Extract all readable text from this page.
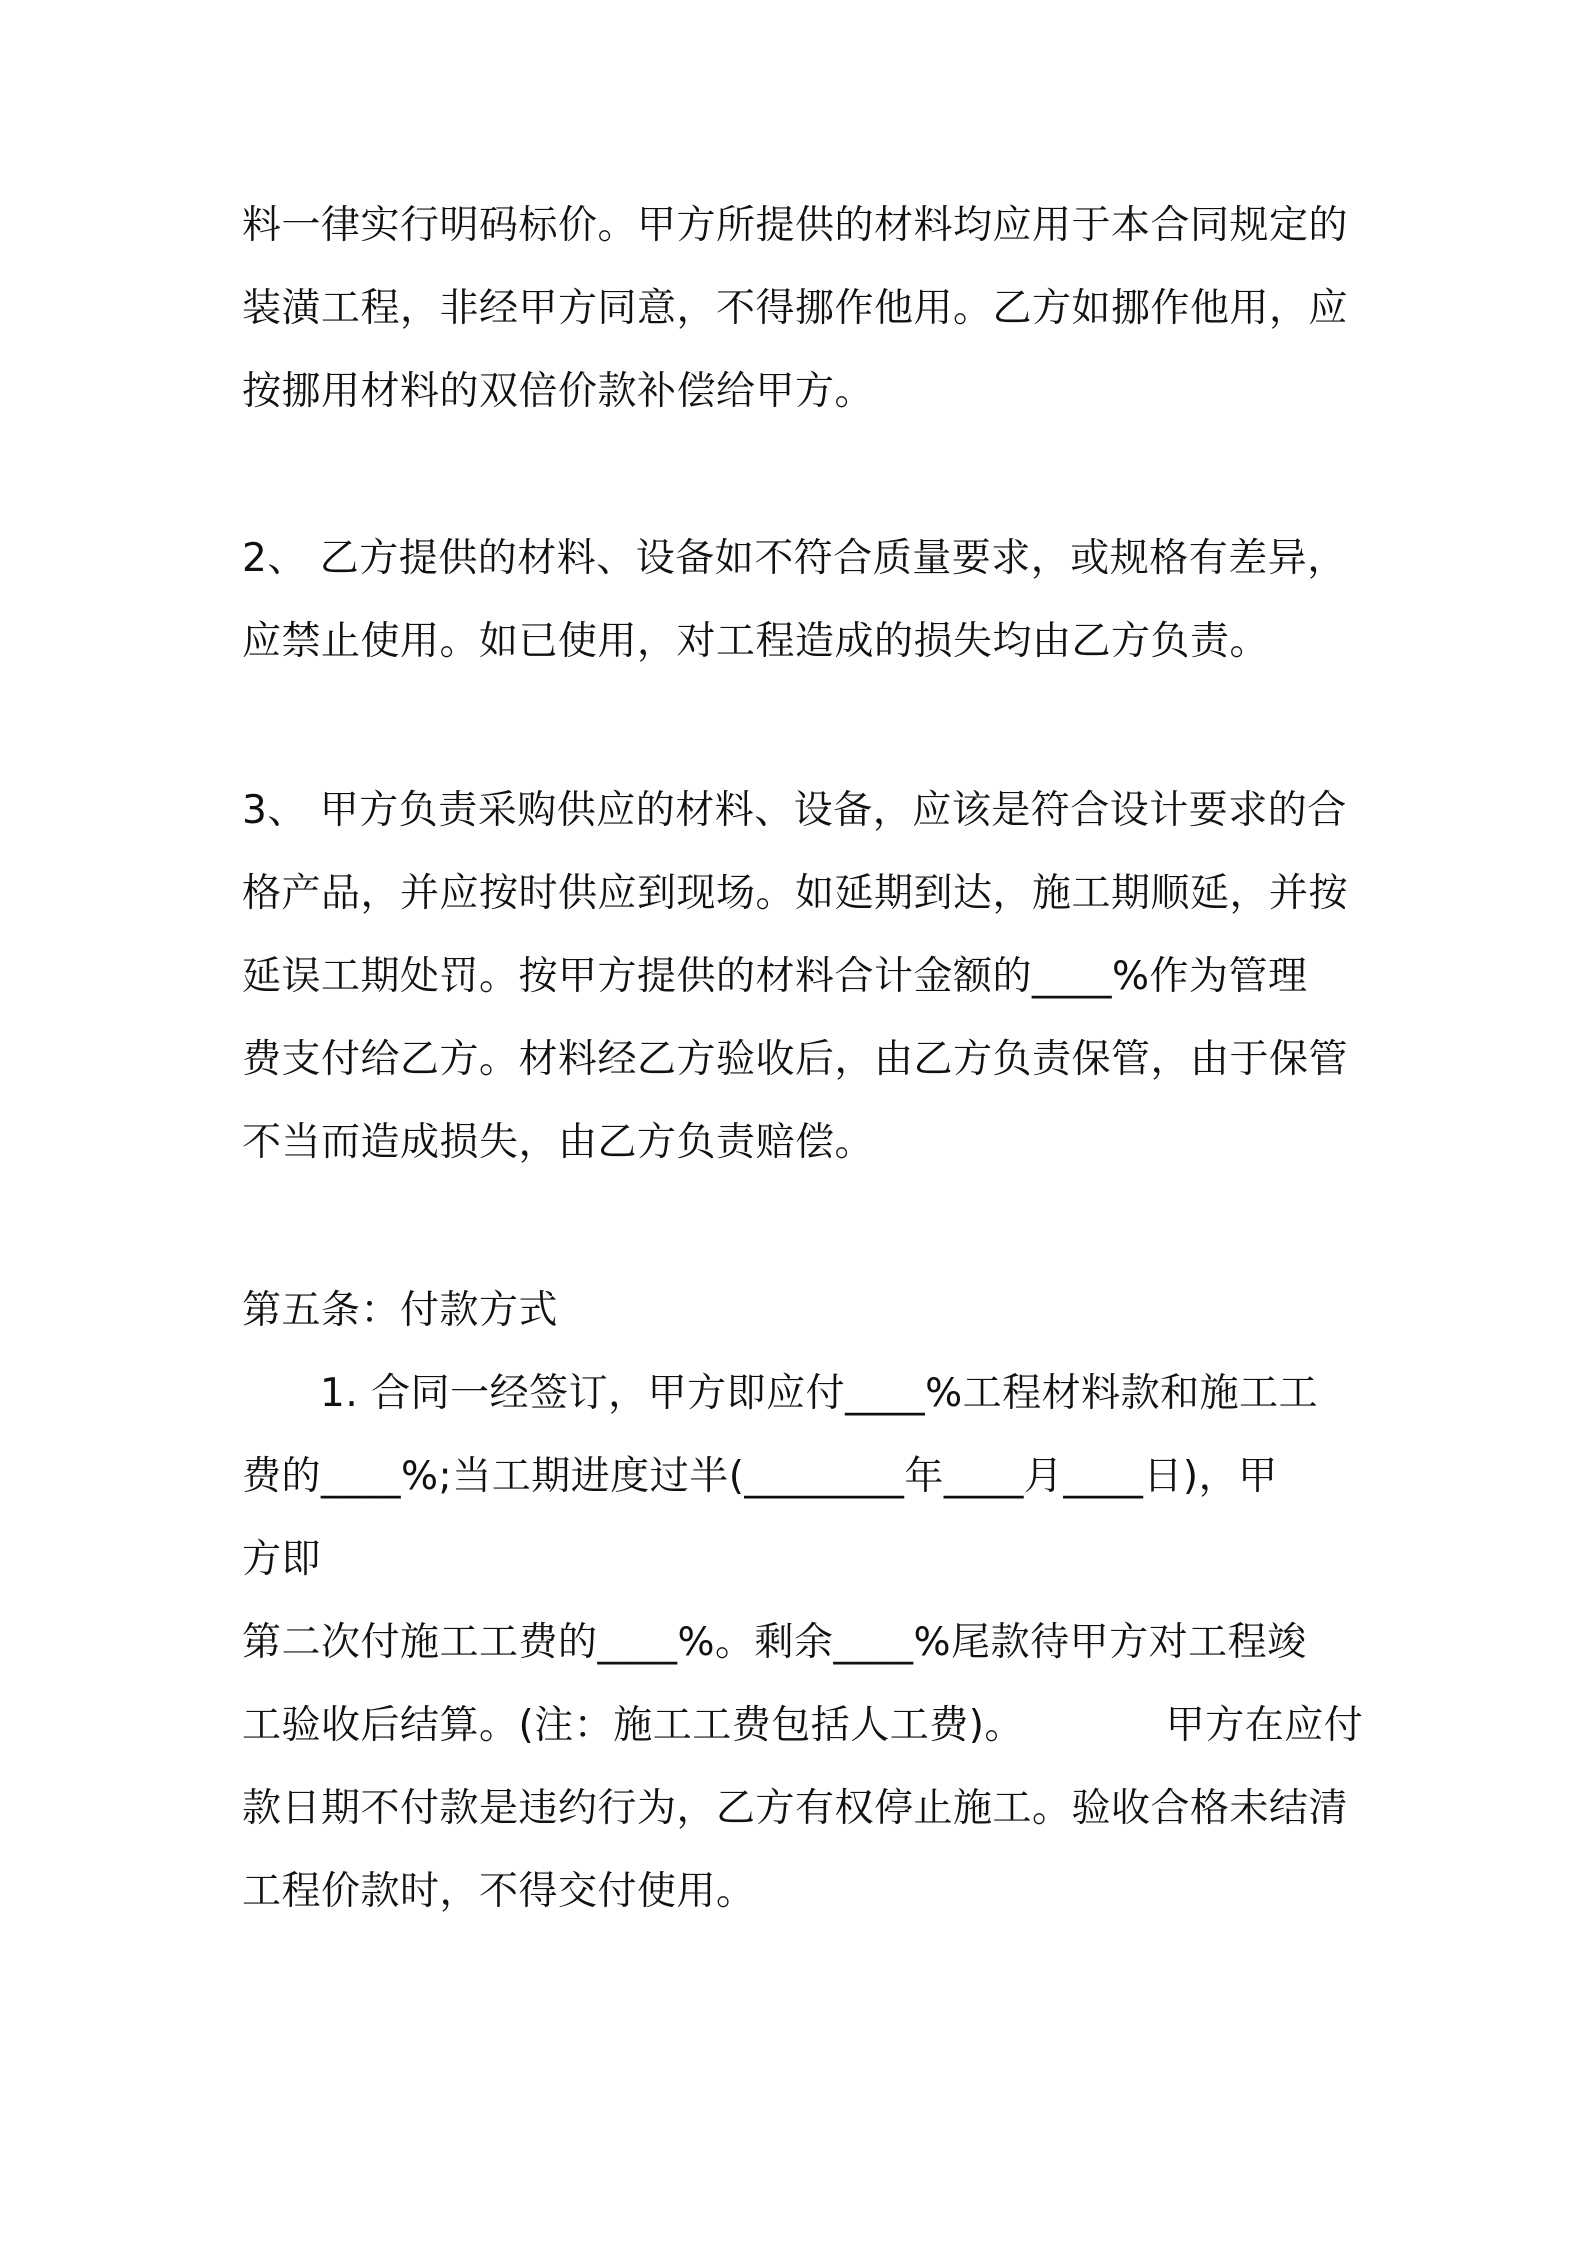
料一律实行明码标价。甲方所提供的材料均应用于本合同规定的
装潢工程，非经甲方同意，不得挪作他用。乙方如挪作他用，应
按挪用材料的双倍价款补偿给甲方。
2、 乙方提供的材料、设备如不符合质量要求，或规格有差异，
应禁止使用。如已使用，对工程造成的损失均由乙方负责。
3、 甲方负责采购供应的材料、设备，应该是符合设计要求的合
格产品，并应按时供应到现场。如延期到达，施工期顺延，并按
延误工期处罚。按甲方提供的材料合计金额的____%作为管理
费支付给乙方。材料经乙方验收后，由乙方负责保管，由于保管
不当而造成损失，由乙方负责赔偿。
第五条：付款方式
1. 合同一经签订，甲方即应付____%工程材料款和施工工
费的____%;当工期进度过半(________年____月____日)，甲
方即
第二次付施工工费的____%。剩余____%尾款待甲方对工程竣
工验收后结算。(注：施工工费包括人工费)。           甲方在应付
款日期不付款是违约行为，乙方有权停止施工。验收合格未结清
工程价款时，不得交付使用。
